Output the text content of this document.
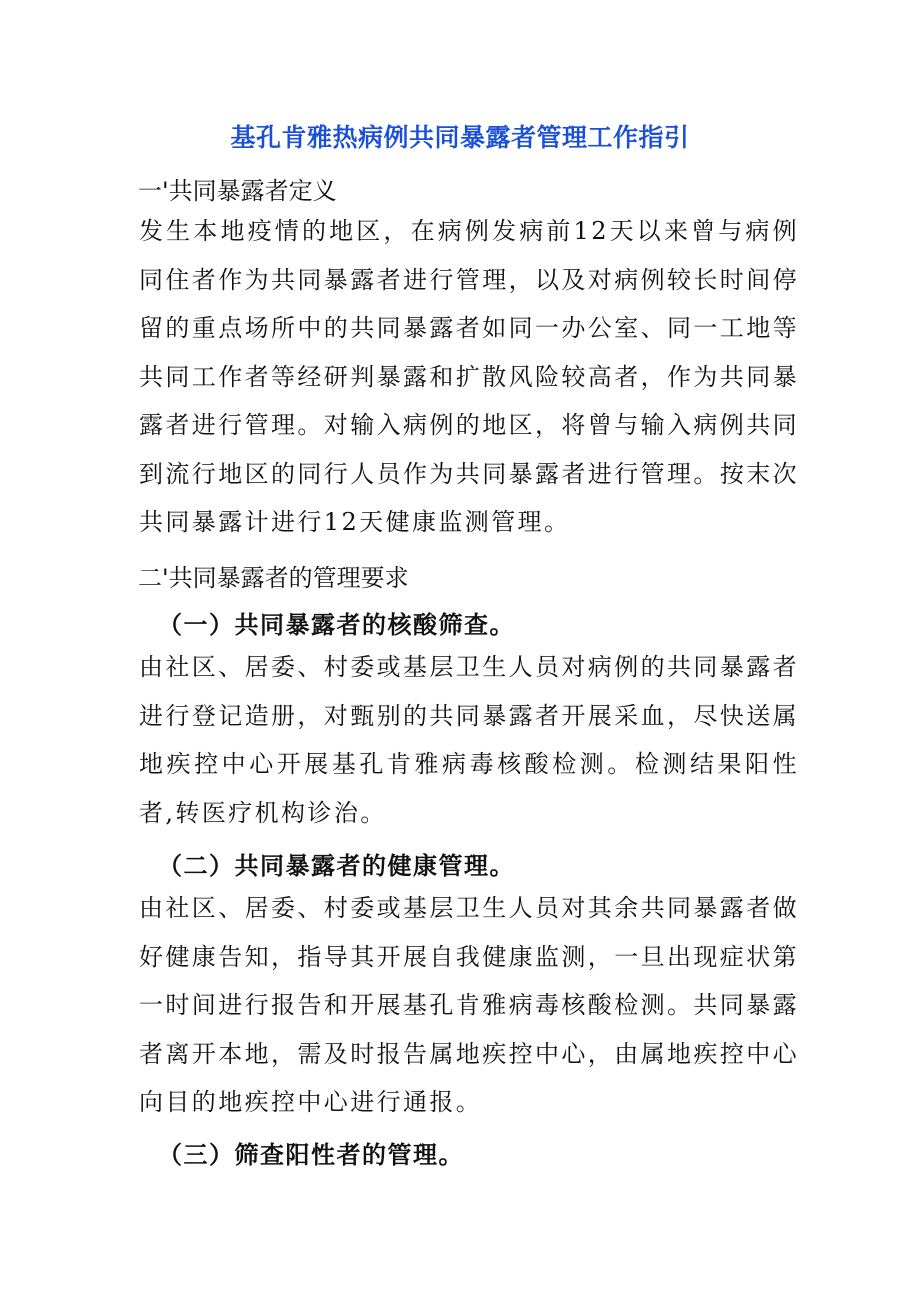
基孔肯雅热病例共同暴露者管理工作指引
一'共同暴露者定义
发生本地疫情的地区，在病例发病前12天以来曾与病例同住者作为共同暴露者进行管理，以及对病例较长时间停留的重点场所中的共同暴露者如同一办公室、同一工地等共同工作者等经研判暴露和扩散风险较高者，作为共同暴露者进行管理。对输入病例的地区，将曾与输入病例共同到流行地区的同行人员作为共同暴露者进行管理。按末次共同暴露计进行12天健康监测管理。
二'共同暴露者的管理要求
（一）共同暴露者的核酸筛查。
由社区、居委、村委或基层卫生人员对病例的共同暴露者进行登记造册，对甄别的共同暴露者开展采血，尽快送属地疾控中心开展基孔肯雅病毒核酸检测。检测结果阳性者,转医疗机构诊治。
（二）共同暴露者的健康管理。
由社区、居委、村委或基层卫生人员对其余共同暴露者做好健康告知，指导其开展自我健康监测，一旦出现症状第一时间进行报告和开展基孔肯雅病毒核酸检测。共同暴露者离开本地，需及时报告属地疾控中心，由属地疾控中心向目的地疾控中心进行通报。
（三）筛查阳性者的管理。
